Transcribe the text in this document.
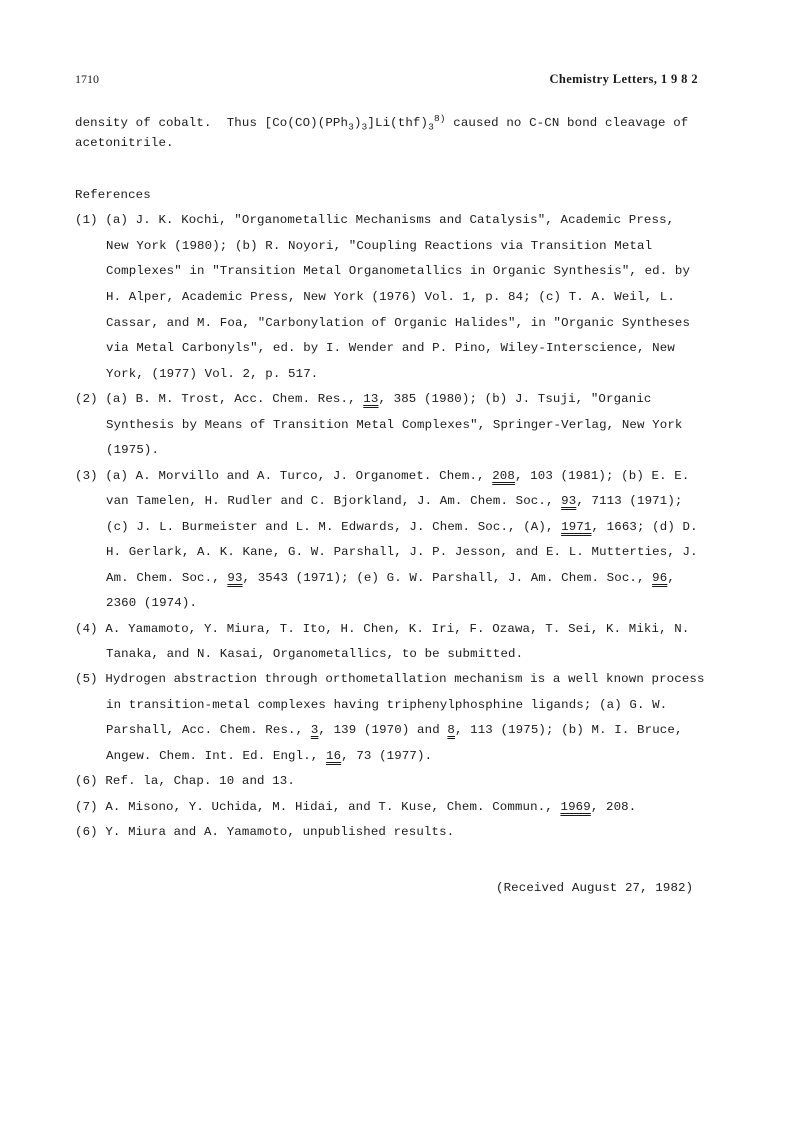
1710	Chemistry Letters, 1 9 8 2
density of cobalt.  Thus $[Co(CO)(PPh_3)_3]Li(thf)_3^{8)}$ caused no C-CN bond cleavage of
acetonitrile.
References
(1) (a) J. K. Kochi, "Organometallic Mechanisms and Catalysis", Academic Press,
New York (1980); (b) R. Noyori, "Coupling Reactions via Transition Metal
Complexes" in "Transition Metal Organometallics in Organic Synthesis", ed. by
H. Alper, Academic Press, New York (1976) Vol. 1, p. 84; (c) T. A. Weil, L.
Cassar, and M. Foa, "Carbonylation of Organic Halides", in "Organic Syntheses
via Metal Carbonyls", ed. by I. Wender and P. Pino, Wiley-Interscience, New
York, (1977) Vol. 2, p. 517.
(2) (a) B. M. Trost, Acc. Chem. Res., 13, 385 (1980); (b) J. Tsuji, "Organic
Synthesis by Means of Transition Metal Complexes", Springer-Verlag, New York
(1975).
(3) (a) A. Morvillo and A. Turco, J. Organomet. Chem., 208, 103 (1981); (b) E. E.
van Tamelen, H. Rudler and C. Bjorkland, J. Am. Chem. Soc., 93, 7113 (1971);
(c) J. L. Burmeister and L. M. Edwards, J. Chem. Soc., (A), 1971, 1663; (d) D.
H. Gerlark, A. K. Kane, G. W. Parshall, J. P. Jesson, and E. L. Mutterties, J.
Am. Chem. Soc., 93, 3543 (1971); (e) G. W. Parshall, J. Am. Chem. Soc., 96,
2360 (1974).
(4) A. Yamamoto, Y. Miura, T. Ito, H. Chen, K. Iri, F. Ozawa, T. Sei, K. Miki, N.
Tanaka, and N. Kasai, Organometallics, to be submitted.
(5) Hydrogen abstraction through orthometallation mechanism is a well known process
in transition-metal complexes having triphenylphosphine ligands; (a) G. W.
Parshall, Acc. Chem. Res., 3, 139 (1970) and 8, 113 (1975); (b) M. I. Bruce,
Angew. Chem. Int. Ed. Engl., 16, 73 (1977).
(6) Ref. la, Chap. 10 and 13.
(7) A. Misono, Y. Uchida, M. Hidai, and T. Kuse, Chem. Commun., 1969, 208.
(6) Y. Miura and A. Yamamoto, unpublished results.
(Received August 27, 1982)
